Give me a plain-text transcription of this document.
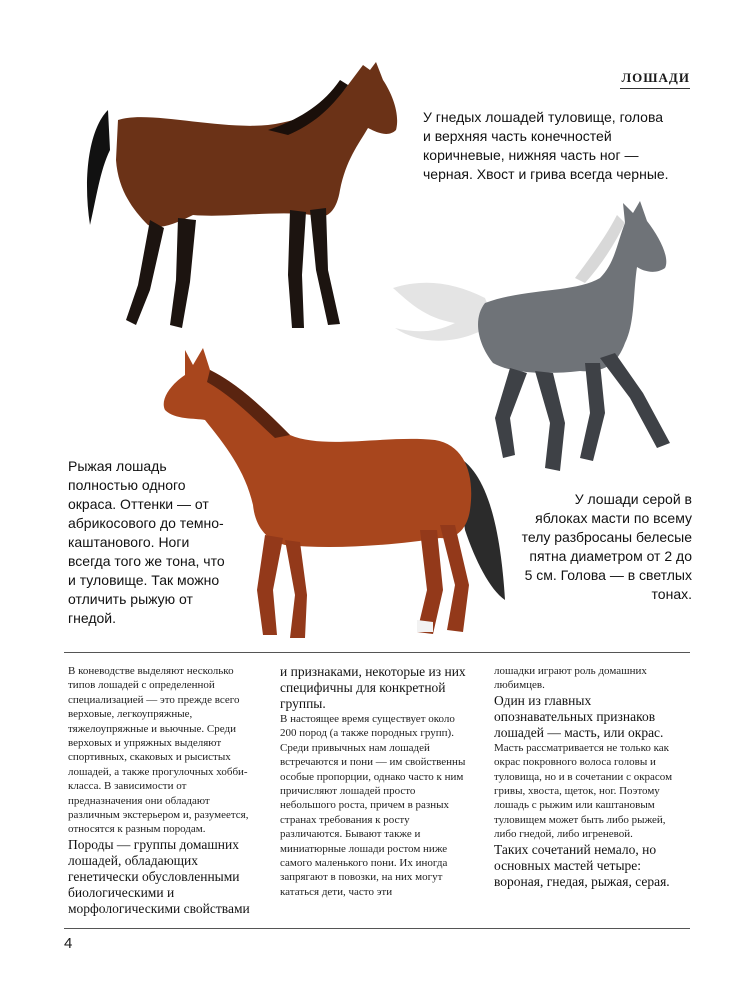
ЛОШАДИ

У гнедых лошадей туловище, голова и верхняя часть конечностей коричневые, нижняя часть ног — черная. Хвост и грива всегда черные.

Рыжая лошадь полностью одного окраса. Оттенки — от абрикосового до темно-каштанового. Ноги всегда того же тона, что и туловище. Так можно отличить рыжую от гнедой.

У лошади серой в яблоках масти по всему телу разбросаны белесые пятна диаметром от 2 до 5 см. Голова — в светлых тонах.

В коневодстве выделяют несколько типов лошадей с определенной специализацией — это прежде всего верховые, легкоупряжные, тяжелоупряжные и вьючные. Среди верховых и упряжных выделяют спортивных, скаковых и рысистых лошадей, а также прогулочных хобби-класса. В зависимости от предназначения они обладают различным экстерьером и, разумеется, относятся к разным породам.

Породы — группы домашних лошадей, обладающих генетически обусловленными биологическими и морфологическими свойствами

и признаками, некоторые из них специфичны для конкретной группы.

В настоящее время существует около 200 пород (а также породных групп). Среди привычных нам лошадей встречаются и пони — им свойственны особые пропорции, однако часто к ним причисляют лошадей просто небольшого роста, причем в разных странах требования к росту различаются. Бывают также и миниатюрные лошади ростом ниже самого маленького пони. Их иногда запрягают в повозки, на них могут кататься дети, часто эти

лошадки играют роль домашних любимцев.

Один из главных опознавательных признаков лошадей — масть, или окрас.

Масть рассматривается не только как окрас покровного волоса головы и туловища, но и в сочетании с окрасом гривы, хвоста, щеток, ног. Поэтому лошадь с рыжим или каштановым туловищем может быть либо рыжей, либо гнедой, либо игреневой.

Таких сочетаний немало, но основных мастей четыре: вороная, гнедая, рыжая, серая.

4
